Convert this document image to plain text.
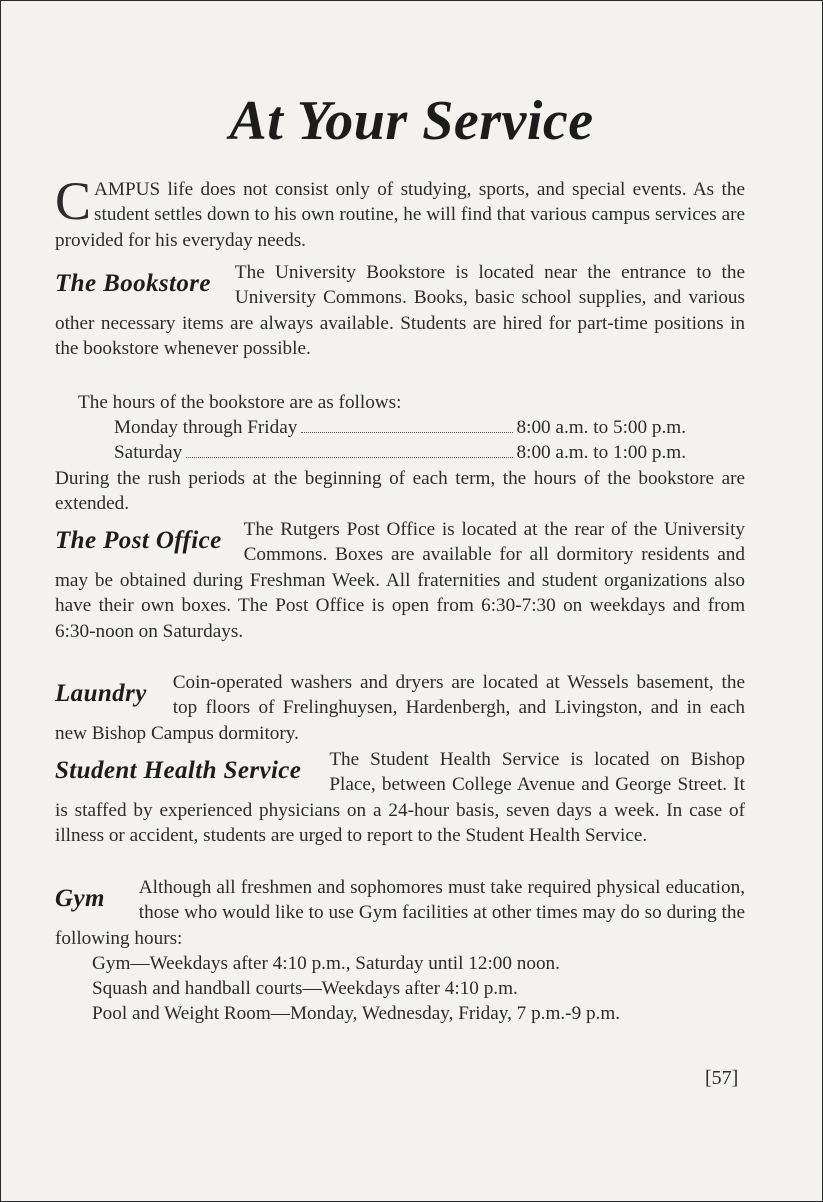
At Your Service
CAMPUS life does not consist only of studying, sports, and special events. As the student settles down to his own routine, he will find that various campus services are provided for his everyday needs.
The Bookstore	The University Bookstore is located near the entrance to the University Commons. Books, basic school supplies, and various other necessary items are always available. Students are hired for part-time positions in the bookstore whenever possible.

The hours of the bookstore are as follows:

Monday through Friday	8:00 a.m. to 5:00 p.m.
Saturday	8:00 a.m. to 1:00 p.m.

During the rush periods at the beginning of each term, the hours of the bookstore are extended.

The Post Office	The Rutgers Post Office is located at the rear of the University Commons. Boxes are available for all dormitory residents and may be obtained during Freshman Week. All fraternities and student organizations also have their own boxes. The Post Office is open from 6:30-7:30 on weekdays and from 6:30-noon on Saturdays.

Laundry	Coin-operated washers and dryers are located at Wessels basement, the top floors of Frelinghuysen, Hardenbergh, and Livingston, and in each new Bishop Campus dormitory.

Student Health Service	The Student Health Service is located on Bishop Place, between College Avenue and George Street. It is staffed by experienced physicians on a 24-hour basis, seven days a week. In case of illness or accident, students are urged to report to the Student Health Service.

Gym	Although all freshmen and sophomores must take required physical education, those who would like to use Gym facilities at other times may do so during the following hours:

Gym—Weekdays after 4:10 p.m., Saturday until 12:00 noon.

Squash and handball courts—Weekdays after 4:10 p.m.

Pool and Weight Room—Monday, Wednesday, Friday, 7 p.m.-9 p.m.

[57]
